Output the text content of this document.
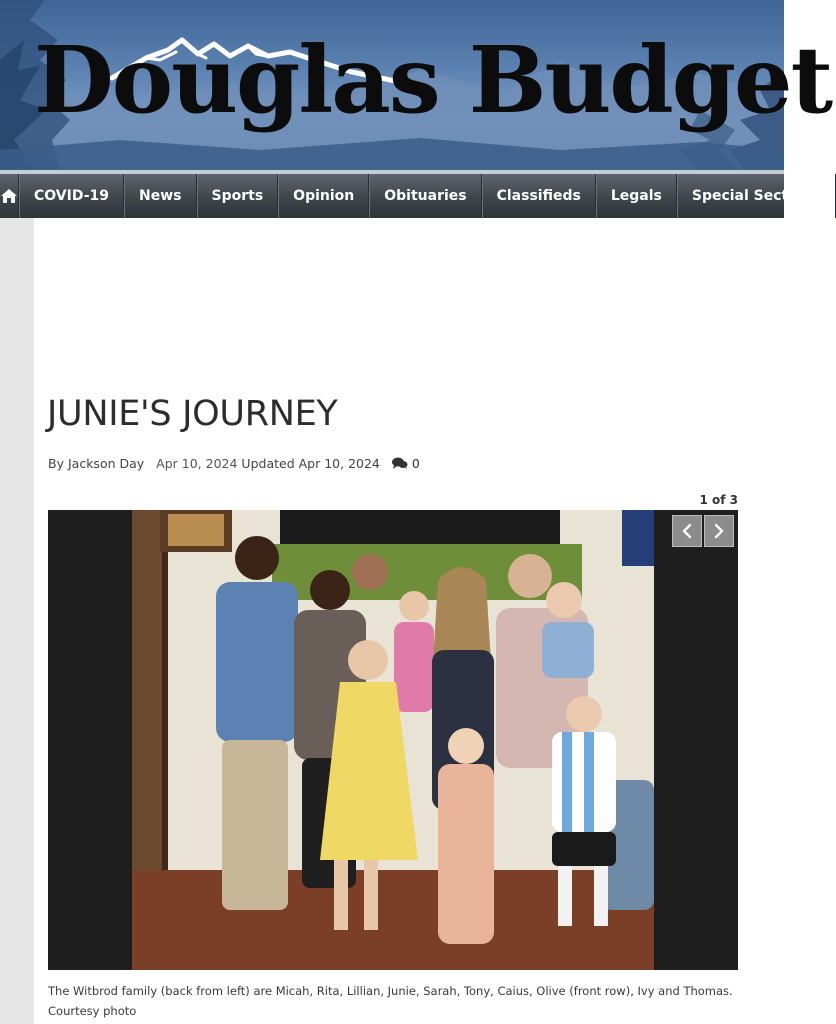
Douglas Budget
COVID-19	News	Sports	Opinion	Obituaries	Classifieds	Legals	Special Sections
JUNIE'S JOURNEY
By
Jackson Day Apr 10, 2024
Updated
Apr 10, 2024	0
1 of 3
The Witbrod family (back from left) are Micah, Rita, Lillian, Junie, Sarah, Tony, Caius, Olive (front row), Ivy and Thomas.
Courtesy photo
